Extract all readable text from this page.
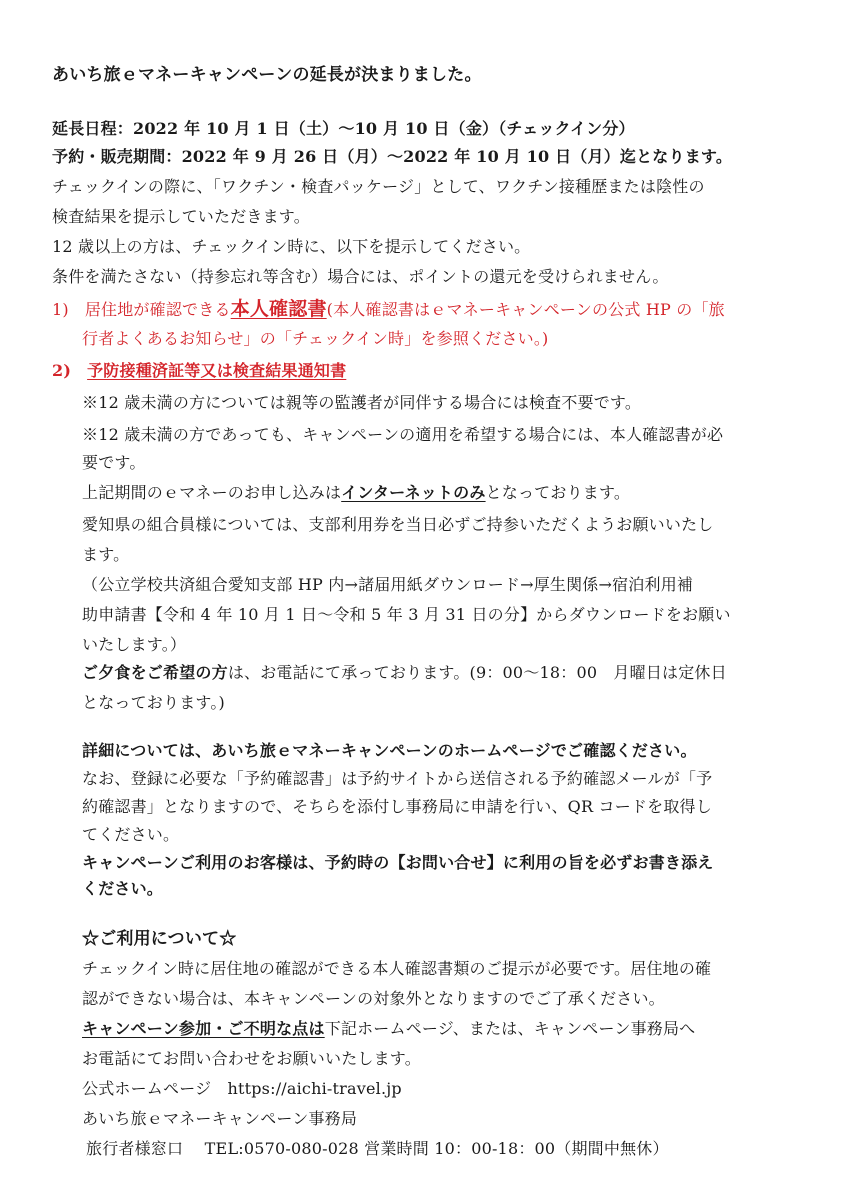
あいち旅ｅマネーキャンペーンの延長が決まりました。
延長日程：2022 年 10 月 1 日（土）～10 月 10 日（金）（チェックイン分）
予約・販売期間：2022 年 9 月 26 日（月）～2022 年 10 月 10 日（月）迄となります。
チェックインの際に、「ワクチン・検査パッケージ」として、ワクチン接種歴または陰性の
検査結果を提示していただきます。
12 歳以上の方は、チェックイン時に、以下を提示してください。
条件を満たさない（持参忘れ等含む）場合には、ポイントの還元を受けられません。
1) 居住地が確認できる本人確認書(本人確認書はｅマネーキャンペーンの公式 HP の「旅
行者よくあるお知らせ」の「チェックイン時」を参照ください。)
2) 予防接種済証等又は検査結果通知書
※12 歳未満の方については親等の監護者が同伴する場合には検査不要です。
※12 歳未満の方であっても、キャンペーンの適用を希望する場合には、本人確認書が必
要です。
上記期間のｅマネーのお申し込みはインターネットのみとなっております。
愛知県の組合員様については、支部利用券を当日必ずご持参いただくようお願いいたし
ます。
（公立学校共済組合愛知支部 HP 内→諸届用紙ダウンロード→厚生関係→宿泊利用補
助申請書【令和 4 年 10 月 1 日～令和 5 年 3 月 31 日の分】からダウンロードをお願い
いたします。）
ご夕食をご希望の方は、お電話にて承っております。(9：00～18：00　月曜日は定休日
となっております。)
詳細については、あいち旅ｅマネーキャンペーンのホームページでご確認ください。
なお、登録に必要な「予約確認書」は予約サイトから送信される予約確認メールが「予
約確認書」となりますので、そちらを添付し事務局に申請を行い、QR コードを取得し
てください。
キャンペーンご利用のお客様は、予約時の【お問い合せ】に利用の旨を必ずお書き添え
ください。
☆ご利用について☆
チェックイン時に居住地の確認ができる本人確認書類のご提示が必要です。居住地の確
認ができない場合は、本キャンペーンの対象外となりますのでご了承ください。
キャンペーン参加・ご不明な点は下記ホームページ、または、キャンペーン事務局へ
お電話にてお問い合わせをお願いいたします。
公式ホームページ　https://aichi-travel.jp
あいち旅ｅマネーキャンペーン事務局
旅行者様窓口　 TEL:0570-080-028 営業時間 10：00‐18：00（期間中無休）
